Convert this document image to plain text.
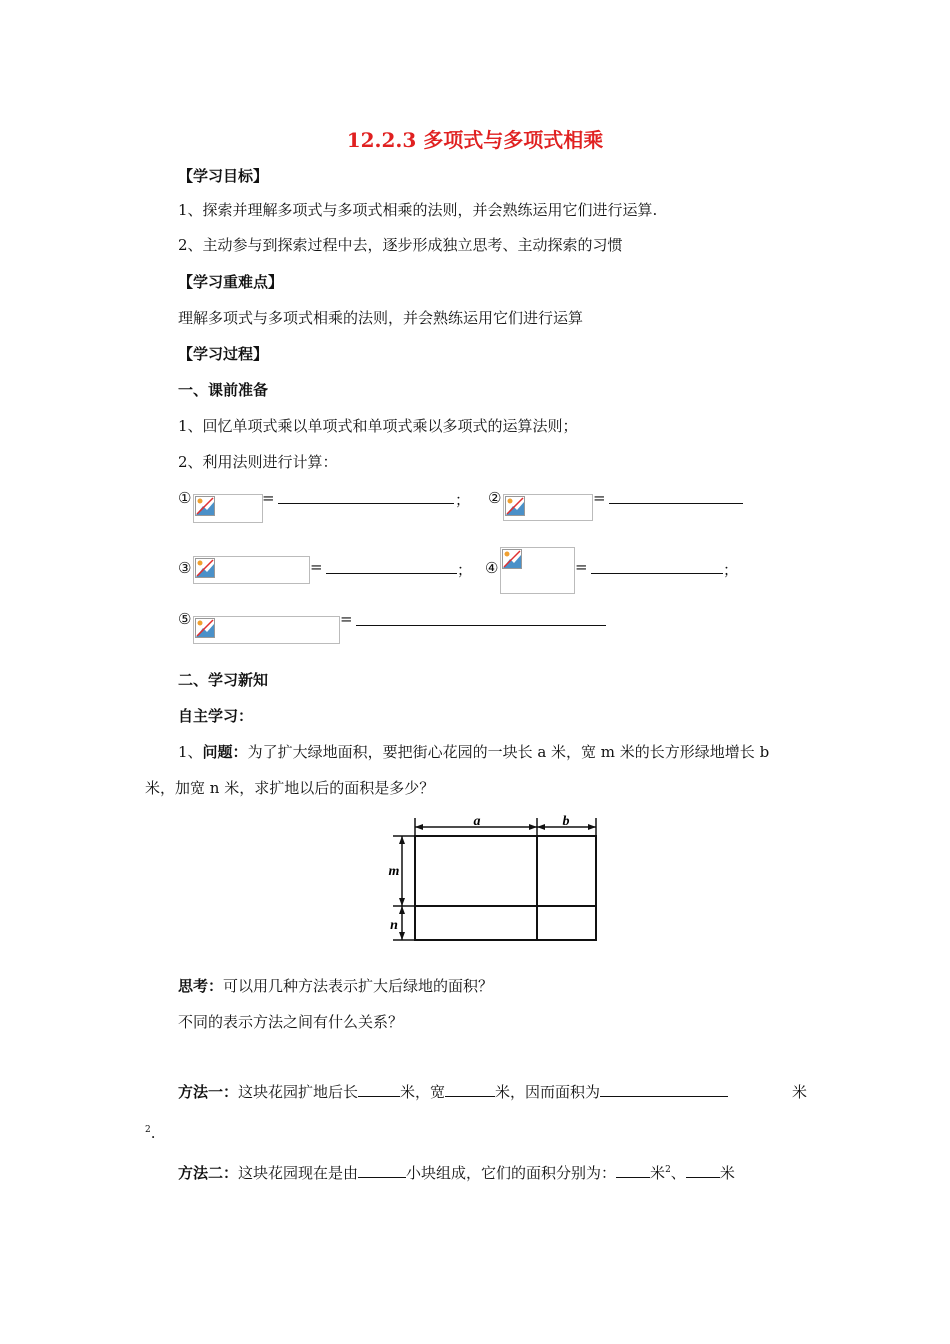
12.2.3 多项式与多项式相乘
【学习目标】
1、探索并理解多项式与多项式相乘的法则，并会熟练运用它们进行运算.
2、主动参与到探索过程中去，逐步形成独立思考、主动探索的习惯
【学习重难点】
理解多项式与多项式相乘的法则，并会熟练运用它们进行运算
【学习过程】
一、课前准备
1、回忆单项式乘以单项式和单项式乘以多项式的运算法则；
2、利用法则进行计算：
①	=	； ②	=
③	=	； ④	=	；
⑤	=
二、学习新知
自主学习：
1、问题：为了扩大绿地面积，要把街心花园的一块长 a 米，宽 m 米的长方形绿地增长 b
米，加宽 n 米，求扩地以后的面积是多少？
a	b
m
n
思考：可以用几种方法表示扩大后绿地的面积？
不同的表示方法之间有什么关系？
方法一：这块花园扩地后长	米，宽	米，因而面积为	米
$^2$.
方法二：这块花园现在是由	小块组成，它们的面积分别为： 米$^2$、 米
